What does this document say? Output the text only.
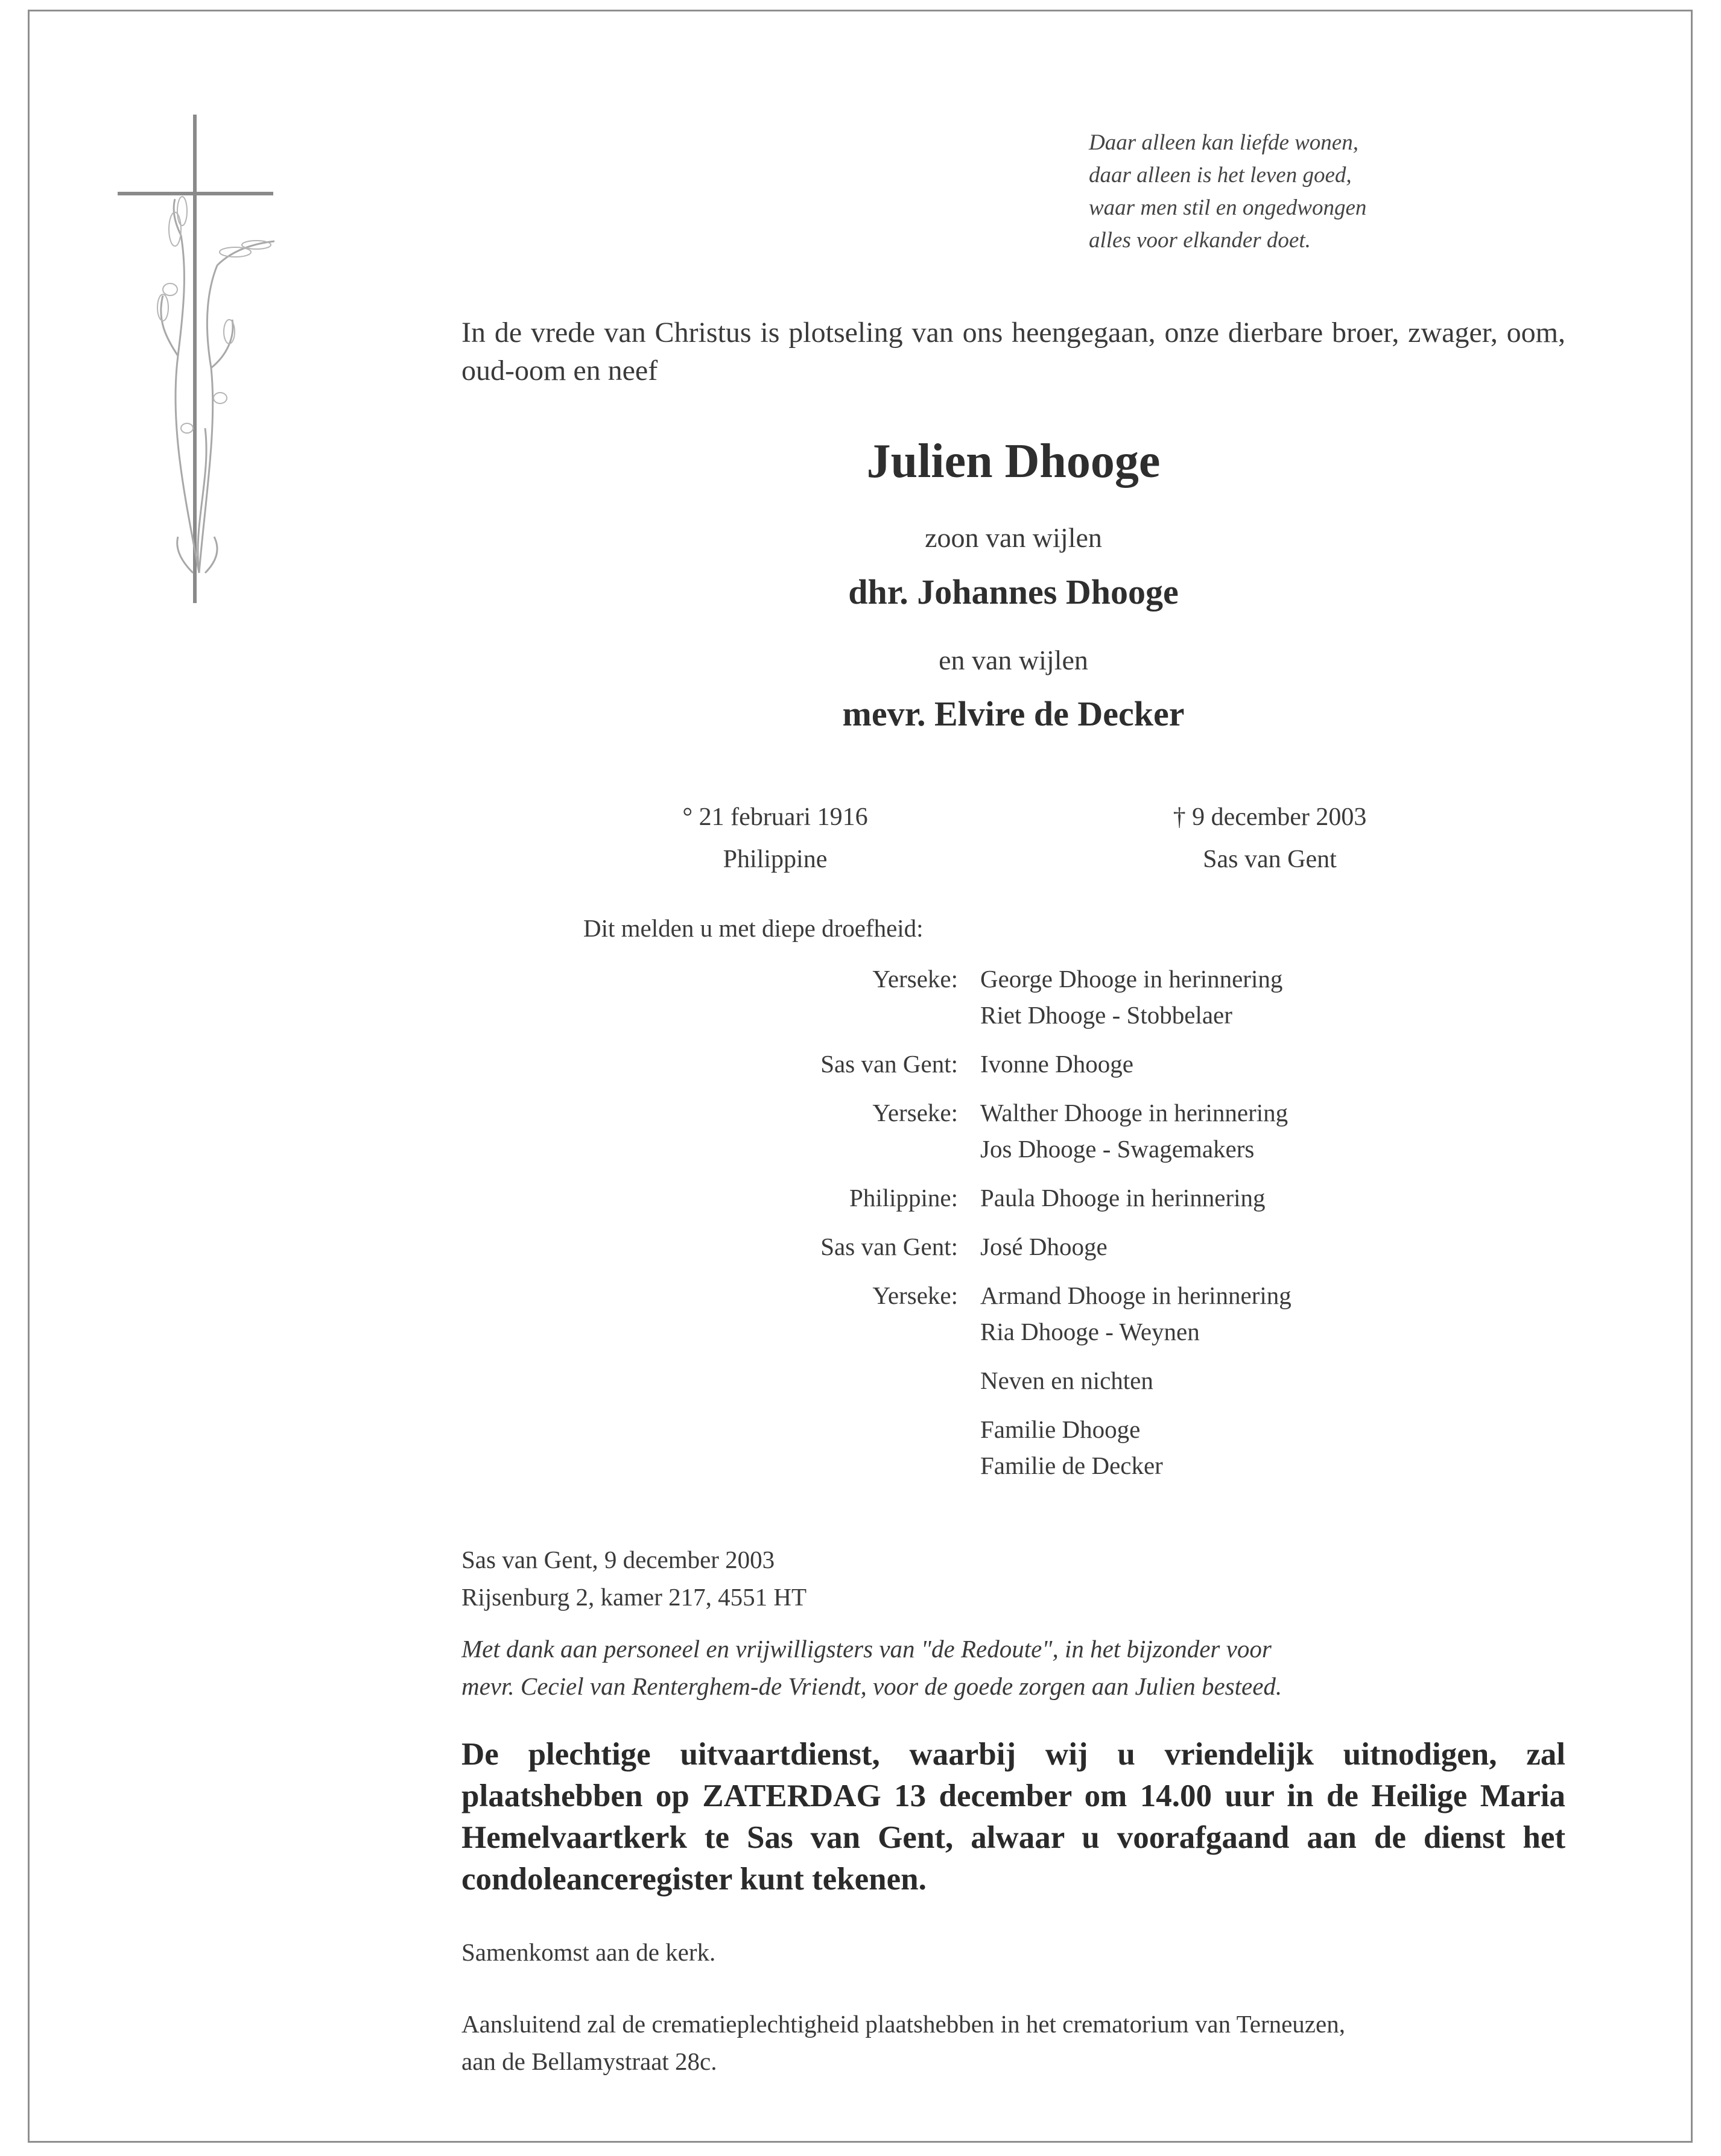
Daar alleen kan liefde wonen,
daar alleen is het leven goed,
waar men stil en ongedwongen
alles voor elkander doet.
In de vrede van Christus is plotseling van ons heengegaan, onze dierbare broer, zwager, oom, oud-oom en neef
Julien Dhooge
zoon van wijlen
dhr. Johannes Dhooge
en van wijlen
mevr. Elvire de Decker
° 21 februari 1916
Philippine
† 9 december 2003
Sas van Gent
Dit melden u met diepe droefheid:
Yerseke: George Dhooge in herinnering
Riet Dhooge - Stobbelaer
Sas van Gent: Ivonne Dhooge
Yerseke: Walther Dhooge in herinnering
Jos Dhooge - Swagemakers
Philippine: Paula Dhooge in herinnering
Sas van Gent: José Dhooge
Yerseke: Armand Dhooge in herinnering
Ria Dhooge - Weynen
Neven en nichten
Familie Dhooge
Familie de Decker
Sas van Gent, 9 december 2003
Rijsenburg 2, kamer 217, 4551 HT
Met dank aan personeel en vrijwilligsters van "de Redoute", in het bijzonder voor
mevr. Ceciel van Renterghem-de Vriendt, voor de goede zorgen aan Julien besteed.
De plechtige uitvaartdienst, waarbij wij u vriendelijk uitnodigen, zal plaatshebben op ZATERDAG 13 december om 14.00 uur in de Heilige Maria Hemelvaartkerk te Sas van Gent, alwaar u voorafgaand aan de dienst het condoleanceregister kunt tekenen.
Samenkomst aan de kerk.
Aansluitend zal de crematieplechtigheid plaatshebben in het crematorium van Terneuzen,
aan de Bellamystraat 28c.
